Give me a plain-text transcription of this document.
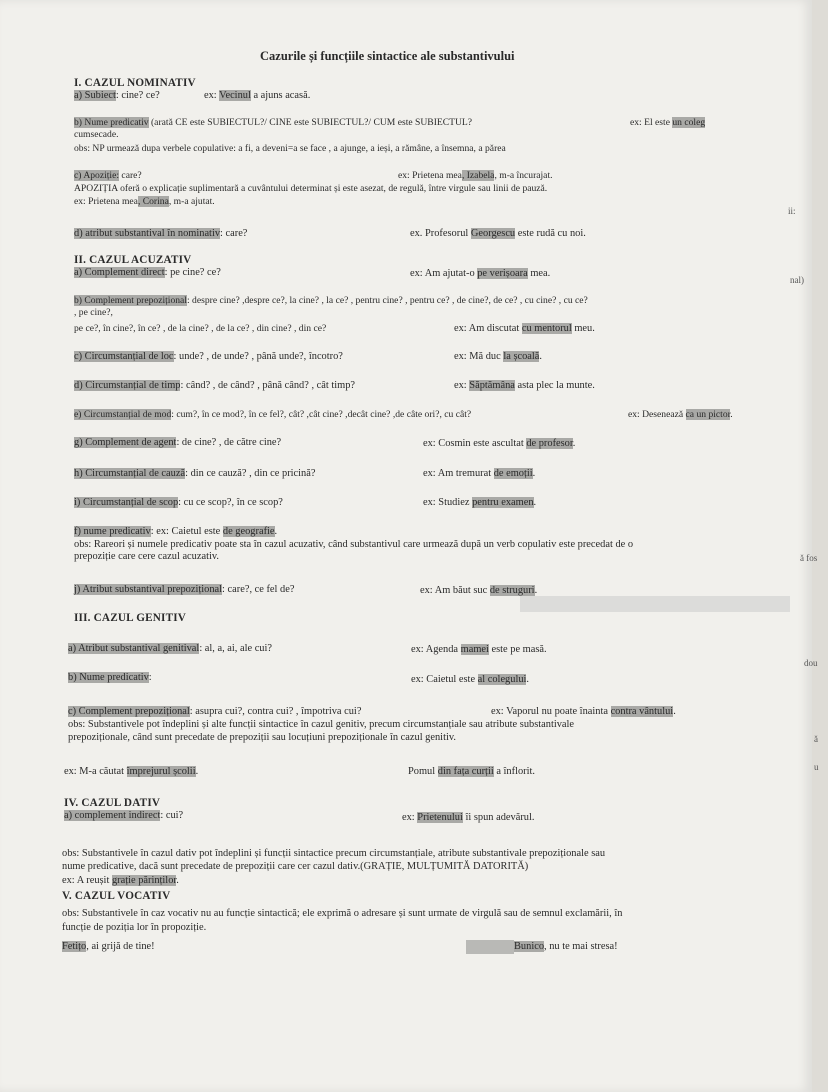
Cazurile și funcțiile sintactice ale substantivului
I. CAZUL NOMINATIV
a) Subiect: cine? ce?	ex: Vecinul a ajuns acasă.
b) Nume predicativ (arată CE este SUBIECTUL?/ CINE este SUBIECTUL?/ CUM este SUBIECTUL?	ex: El este un coleg
cumsecade.
obs: NP urmează dupa verbele copulative: a fi, a deveni=a se face , a ajunge, a ieși, a rămâne, a însemna, a părea
c) Apoziție: care?	ex: Prietena mea, Izabela, m-a încurajat.
APOZIȚIA oferă o explicație suplimentară a cuvântului determinat și este asezat, de regulă, între virgule sau linii de pauză.
ex: Prietena mea, Corina, m-a ajutat.
d) atribut substantival în nominativ: care?	ex. Profesorul Georgescu este rudă cu noi.
II. CAZUL ACUZATIV
a) Complement direct: pe cine? ce?	ex: Am ajutat-o pe verișoara mea.
b) Complement prepozițional: despre cine? ,despre ce?, la cine? , la ce? , pentru cine? , pentru ce? , de cine?, de ce? , cu cine? , cu ce?
, pe cine?,
pe ce?, în cine?, în ce? , de la cine? , de la ce? , din cine? , din ce?	ex: Am discutat cu mentorul meu.
c) Circumstanțial de loc: unde? , de unde? , până unde?, încotro?	ex: Mă duc la școală.
d) Circumstanțial de timp: când? , de când? , până când? , cât timp?	ex: Săptămâna asta plec la munte.
e) Circumstanțial de mod: cum?, în ce mod?, în ce fel?, cât? ,cât cine? ,decât cine? ,de câte ori?, cu cât?	ex: Desenează ca un pictor.
g) Complement de agent: de cine? , de către cine?	ex: Cosmin este ascultat de profesor.
h) Circumstanțial de cauză: din ce cauză? , din ce pricină?	ex: Am tremurat de emoții.
i) Circumstanțial de scop: cu ce scop?, în ce scop?	ex: Studiez pentru examen.
f) nume predicativ: ex: Caietul este de geografie.
obs: Rareori și numele predicativ poate sta în cazul acuzativ, când substantivul care urmează după un verb copulativ este precedat de o
prepoziție care cere cazul acuzativ.
j) Atribut substantival prepozițional: care?, ce fel de?	ex: Am băut suc de struguri.
III. CAZUL GENITIV
a) Atribut substantival genitival: al, a, ai, ale cui?	ex: Agenda mamei este pe masă.
b) Nume predicativ:	ex: Caietul este al colegului.
c) Complement prepozițional: asupra cui?, contra cui? , împotriva cui?	ex: Vaporul nu poate înainta contra vântului.
obs: Substantivele pot îndeplini și alte funcții sintactice în cazul genitiv, precum circumstanțiale sau atribute substantivale
prepoziționale, când sunt precedate de prepoziții sau locuțiuni prepoziționale în cazul genitiv.
ex: M-a căutat împrejurul școlii.	Pomul din fața curții a înflorit.
IV. CAZUL DATIV
a) complement indirect: cui?	ex: Prietenului îi spun adevărul.
obs: Substantivele în cazul dativ pot îndeplini și funcții sintactice precum circumstanțiale, atribute substantivale prepoziționale sau
nume predicative, dacă sunt precedate de prepoziții care cer cazul dativ.(GRAȚIE, MULȚUMITĂ DATORITĂ)
ex: A reușit grație părinților.
V. CAZUL VOCATIV
obs: Substantivele în caz vocativ nu au funcție sintactică; ele exprimă o adresare și sunt urmate de virgulă sau de semnul exclamării, în
funcție de poziția lor în propoziție.
Fetițo, ai grijă de tine!	Bunico, nu te mai stresa!
ii:
nal)
ă fos
dou
ă
u
